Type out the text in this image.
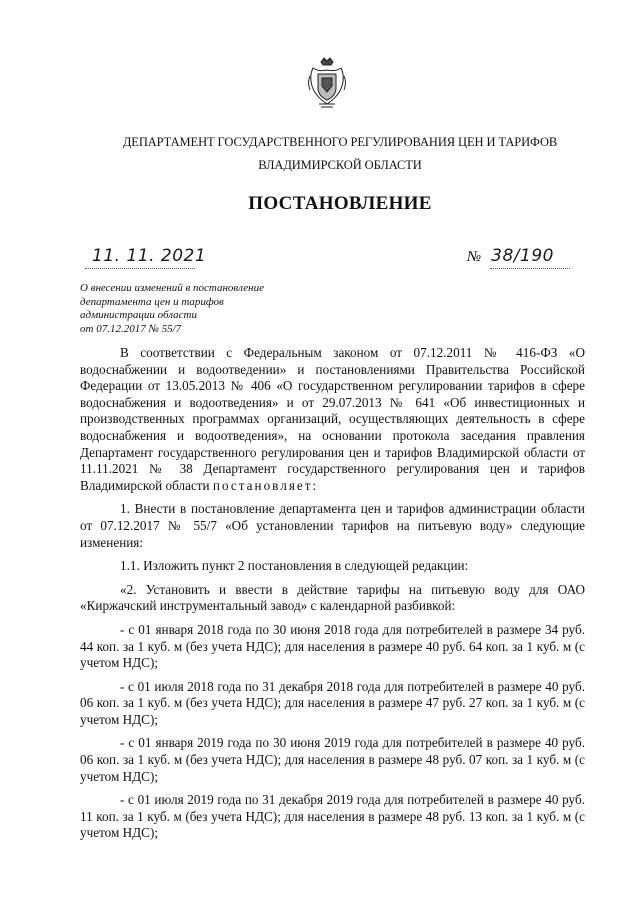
ДЕПАРТАМЕНТ ГОСУДАРСТВЕННОГО РЕГУЛИРОВАНИЯ ЦЕН И ТАРИФОВ
ВЛАДИМИРСКОЙ ОБЛАСТИ
ПОСТАНОВЛЕНИЕ
11. 11. 2021	№ 38/190
О внесении изменений в постановление
департамента цен и тарифов
администрации области
от 07.12.2017 № 55/7

В соответствии с Федеральным законом от 07.12.2011 № 416-ФЗ «О водоснабжении и водоотведении» и постановлениями Правительства Российской Федерации от 13.05.2013 № 406 «О государственном регулировании тарифов в сфере водоснабжения и водоотведения» и от 29.07.2013 № 641 «Об инвестиционных и производственных программах организаций, осуществляющих деятельность в сфере водоснабжения и водоотведения», на основании протокола заседания правления Департамент государственного регулирования цен и тарифов Владимирской области от 11.11.2021 № 38 Департамент государственного регулирования цен и тарифов Владимирской области постановляет:

1. Внести в постановление департамента цен и тарифов администрации области от 07.12.2017 № 55/7 «Об установлении тарифов на питьевую воду» следующие изменения:

1.1. Изложить пункт 2 постановления в следующей редакции:

«2. Установить и ввести в действие тарифы на питьевую воду для ОАО «Киржачский инструментальный завод» с календарной разбивкой:

- с 01 января 2018 года по 30 июня 2018 года для потребителей в размере 34 руб. 44 коп. за 1 куб. м (без учета НДС); для населения в размере 40 руб. 64 коп. за 1 куб. м (с учетом НДС);

- с 01 июля 2018 года по 31 декабря 2018 года для потребителей в размере 40 руб. 06 коп. за 1 куб. м (без учета НДС); для населения в размере 47 руб. 27 коп. за 1 куб. м (с учетом НДС);

- с 01 января 2019 года по 30 июня 2019 года для потребителей в размере 40 руб. 06 коп. за 1 куб. м (без учета НДС); для населения в размере 48 руб. 07 коп. за 1 куб. м (с учетом НДС);

- с 01 июля 2019 года по 31 декабря 2019 года для потребителей в размере 40 руб. 11 коп. за 1 куб. м (без учета НДС); для населения в размере 48 руб. 13 коп. за 1 куб. м (с учетом НДС);
